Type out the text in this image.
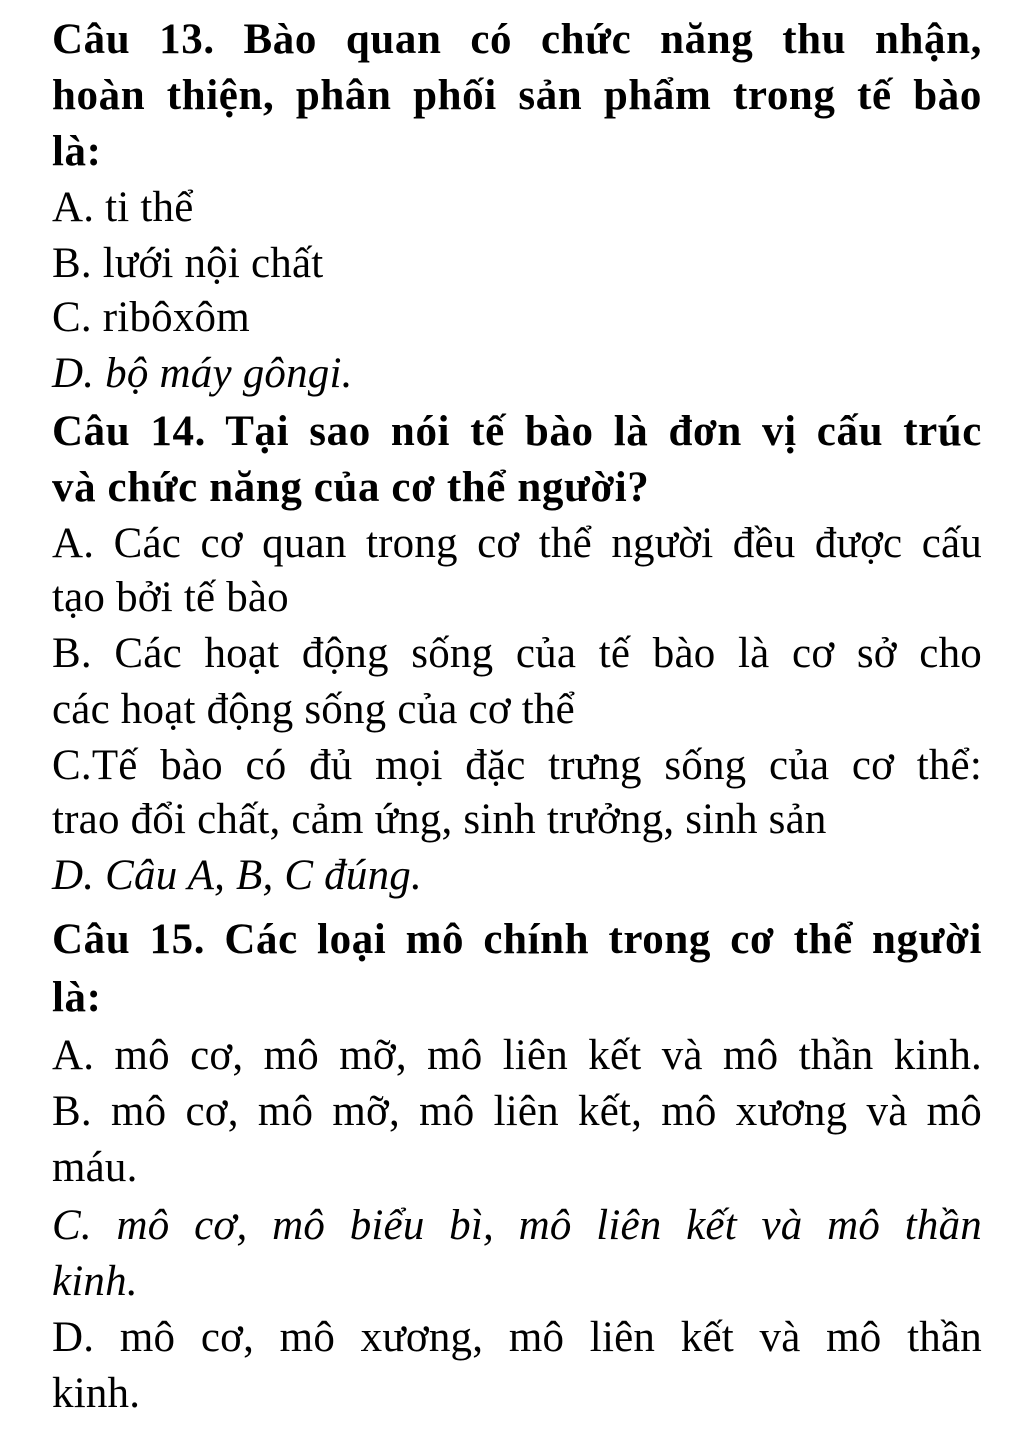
Câu 13. Bào quan có chức năng thu nhận,
hoàn thiện, phân phối sản phẩm trong tế bào
là:
A. ti thể
B. lưới nội chất
C. ribôxôm
D. bộ máy gôngi.
Câu 14. Tại sao nói tế bào là đơn vị cấu trúc
và chức năng của cơ thể người?
A. Các cơ quan trong cơ thể người đều được cấu
tạo bởi tế bào
B. Các hoạt động sống của tế bào là cơ sở cho
các hoạt động sống của cơ thể
C.Tế bào có đủ mọi đặc trưng sống của cơ thể:
trao đổi chất, cảm ứng, sinh trưởng, sinh sản
D. Câu A, B, C đúng.
Câu 15. Các loại mô chính trong cơ thể người
là:
A. mô cơ, mô mỡ, mô liên kết và mô thần kinh.
B. mô cơ, mô mỡ, mô liên kết, mô xương và mô
máu.
C. mô cơ, mô biểu bì, mô liên kết và mô thần
kinh.
D. mô cơ, mô xương, mô liên kết và mô thần
kinh.
